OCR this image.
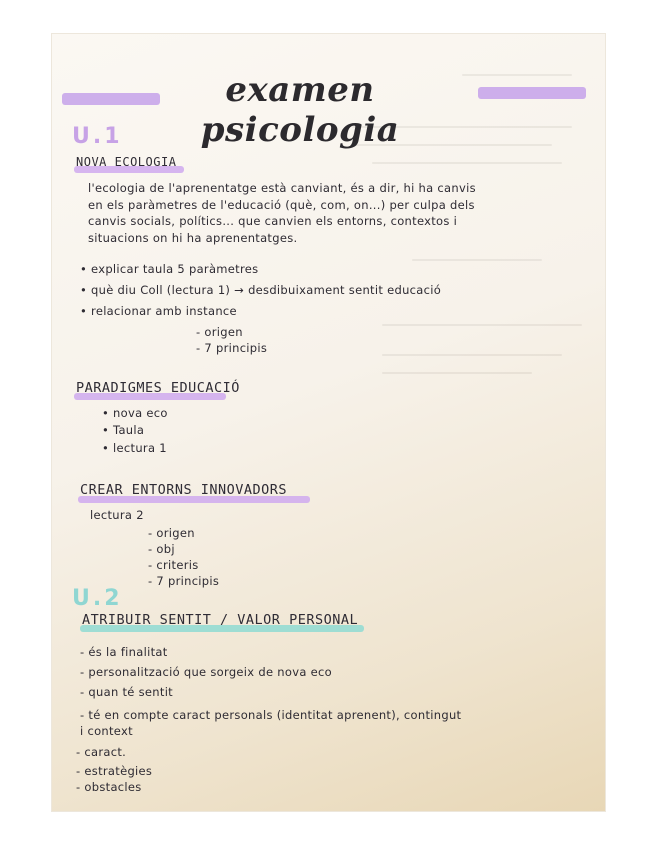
examen psicologia
U.1
NOVA ECOLOGIA
l'ecologia de l'aprenentatge està canviant, és a dir, hi ha canvis
en els paràmetres de l'educació (què, com, on...) per culpa dels
canvis socials, polítics... que canvien els entorns, contextos i
situacions on hi ha aprenentatges.
• explicar taula 5 paràmetres
• què diu Coll (lectura 1) → desdibuixament sentit educació
• relacionar amb instance
- origen
- 7 principis
PARADIGMES EDUCACIÓ
• nova eco
• Taula
• lectura 1
CREAR ENTORNS INNOVADORS
lectura 2
- origen
- obj
- criteris
- 7 principis
U.2
ATRIBUIR SENTIT / VALOR PERSONAL
- és la finalitat
- personalització que sorgeix de nova eco
- quan té sentit
- té en compte caract personals (identitat aprenent), contingut
i context
- caract.
- estratègies
- obstacles
